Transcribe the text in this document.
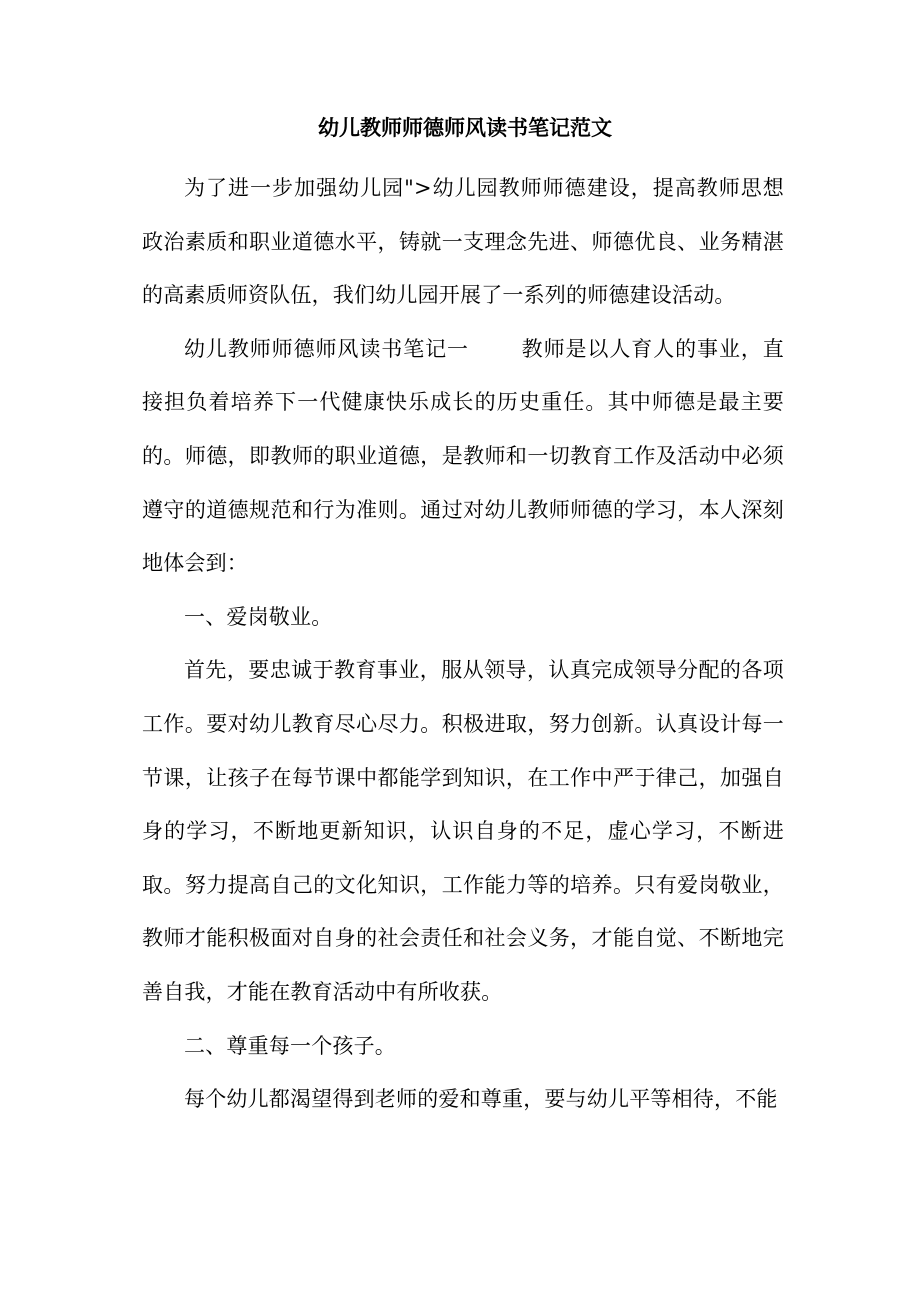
幼儿教师师德师风读书笔记范文

为了进一步加强幼儿园">幼儿园教师师德建设，提高教师思想政治素质和职业道德水平，铸就一支理念先进、师德优良、业务精湛的高素质师资队伍，我们幼儿园开展了一系列的师德建设活动。

幼儿教师师德师风读书笔记一 教师是以人育人的事业，直接担负着培养下一代健康快乐成长的历史重任。其中师德是最主要的。师德，即教师的职业道德，是教师和一切教育工作及活动中必须遵守的道德规范和行为准则。通过对幼儿教师师德的学习，本人深刻地体会到：

一、爱岗敬业。

首先，要忠诚于教育事业，服从领导，认真完成领导分配的各项工作。要对幼儿教育尽心尽力。积极进取，努力创新。认真设计每一节课，让孩子在每节课中都能学到知识，在工作中严于律己，加强自身的学习，不断地更新知识，认识自身的不足，虚心学习，不断进取。努力提高自己的文化知识，工作能力等的培养。只有爱岗敬业，教师才能积极面对自身的社会责任和社会义务，才能自觉、不断地完善自我，才能在教育活动中有所收获。

二、尊重每一个孩子。

每个幼儿都渴望得到老师的爱和尊重，要与幼儿平等相待，不能
